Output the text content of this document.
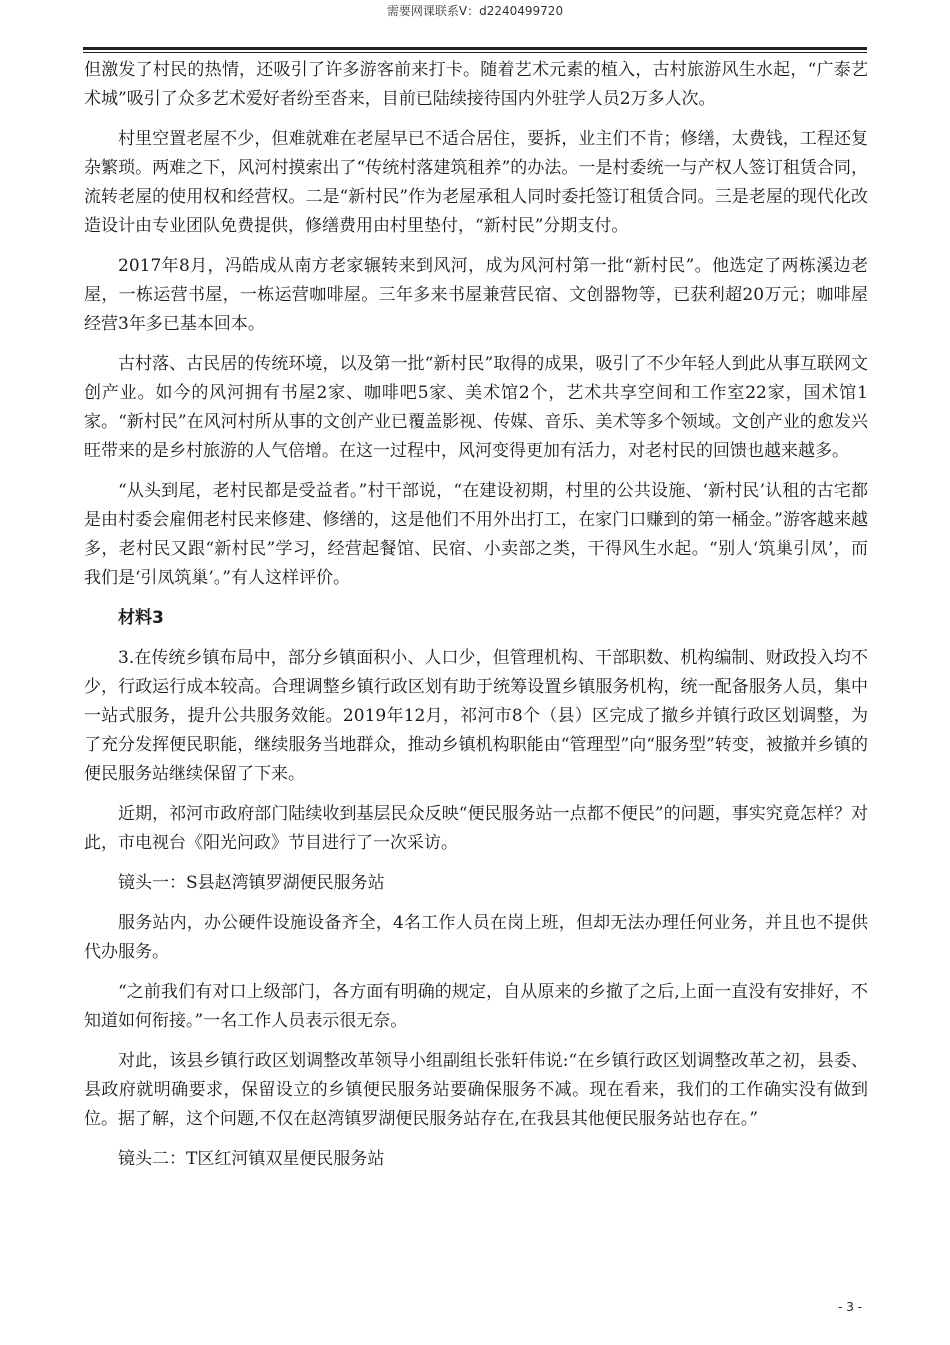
需要网课联系V：d2240499720

但激发了村民的热情，还吸引了许多游客前来打卡。随着艺术元素的植入，古村旅游风生水起，“广泰艺术城”吸引了众多艺术爱好者纷至沓来，目前已陆续接待国内外驻学人员2万多人次。

村里空置老屋不少，但难就难在老屋早已不适合居住，要拆，业主们不肯；修缮，太费钱，工程还复杂繁琐。两难之下，风河村摸索出了“传统村落建筑租养”的办法。一是村委统一与产权人签订租赁合同，流转老屋的使用权和经营权。二是“新村民”作为老屋承租人同时委托签订租赁合同。三是老屋的现代化改造设计由专业团队免费提供，修缮费用由村里垫付，“新村民”分期支付。

2017年8月，冯皓成从南方老家辗转来到风河，成为风河村第一批“新村民”。他选定了两栋溪边老屋，一栋运营书屋，一栋运营咖啡屋。三年多来书屋兼营民宿、文创器物等，已获利超20万元；咖啡屋经营3年多已基本回本。

古村落、古民居的传统环境，以及第一批“新村民”取得的成果，吸引了不少年轻人到此从事互联网文创产业。如今的风河拥有书屋2家、咖啡吧5家、美术馆2个，艺术共享空间和工作室22家，国术馆1家。“新村民”在风河村所从事的文创产业已覆盖影视、传媒、音乐、美术等多个领域。文创产业的愈发兴旺带来的是乡村旅游的人气倍增。在这一过程中，风河变得更加有活力，对老村民的回馈也越来越多。

“从头到尾，老村民都是受益者。”村干部说，“在建设初期，村里的公共设施、‘新村民’认租的古宅都是由村委会雇佣老村民来修建、修缮的，这是他们不用外出打工，在家门口赚到的第一桶金。”游客越来越多，老村民又跟“新村民”学习，经营起餐馆、民宿、小卖部之类，干得风生水起。“别人‘筑巢引凤’，而我们是‘引凤筑巢’。”有人这样评价。

材料3

3.在传统乡镇布局中，部分乡镇面积小、人口少，但管理机构、干部职数、机构编制、财政投入均不少，行政运行成本较高。合理调整乡镇行政区划有助于统筹设置乡镇服务机构，统一配备服务人员，集中一站式服务，提升公共服务效能。2019年12月，祁河市8个（县）区完成了撤乡并镇行政区划调整，为了充分发挥便民职能，继续服务当地群众，推动乡镇机构职能由“管理型”向“服务型”转变，被撤并乡镇的便民服务站继续保留了下来。

近期，祁河市政府部门陆续收到基层民众反映“便民服务站一点都不便民”的问题，事实究竟怎样？对此，市电视台《阳光问政》节目进行了一次采访。

镜头一：S县赵湾镇罗湖便民服务站

服务站内，办公硬件设施设备齐全，4名工作人员在岗上班，但却无法办理任何业务，并且也不提供代办服务。

“之前我们有对口上级部门，各方面有明确的规定，自从原来的乡撤了之后,上面一直没有安排好，不知道如何衔接。”一名工作人员表示很无奈。

对此，该县乡镇行政区划调整改革领导小组副组长张轩伟说:“在乡镇行政区划调整改革之初，县委、县政府就明确要求，保留设立的乡镇便民服务站要确保服务不减。现在看来，我们的工作确实没有做到位。据了解，这个问题,不仅在赵湾镇罗湖便民服务站存在,在我县其他便民服务站也存在。”

镜头二：T区红河镇双星便民服务站

- 3 -
